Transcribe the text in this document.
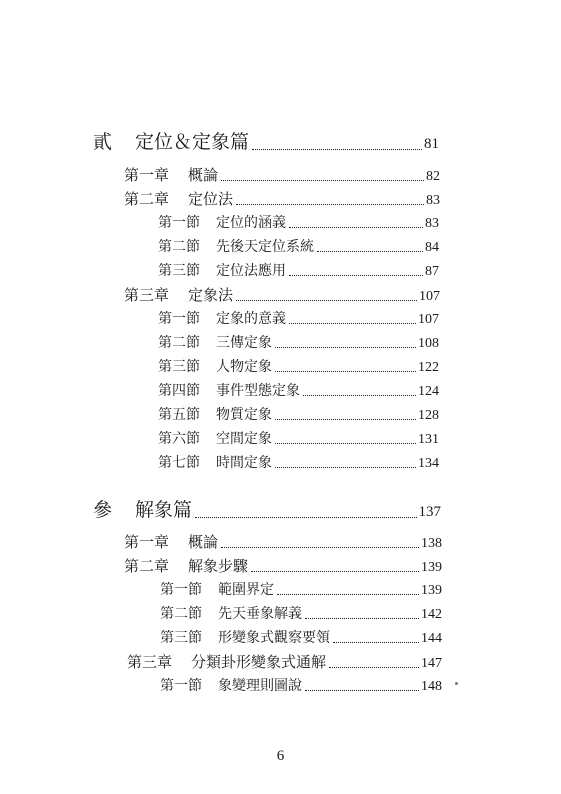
貳	定位＆定象篇	81
第一章	概論	82
第二章	定位法	83
第一節	定位的涵義	83
第二節	先後天定位系統	84
第三節	定位法應用	87
第三章	定象法	107
第一節	定象的意義	107
第二節	三傳定象	108
第三節	人物定象	122
第四節	事件型態定象	124
第五節	物質定象	128
第六節	空間定象	131
第七節	時間定象	134
參	解象篇	137
第一章	概論	138
第二章	解象步驟	139
第一節	範圍界定	139
第二節	先天垂象解義	142
第三節	形變象式觀察要領	144
第三章	分類卦形變象式通解	147
第一節	象變理則圖說	148
6
